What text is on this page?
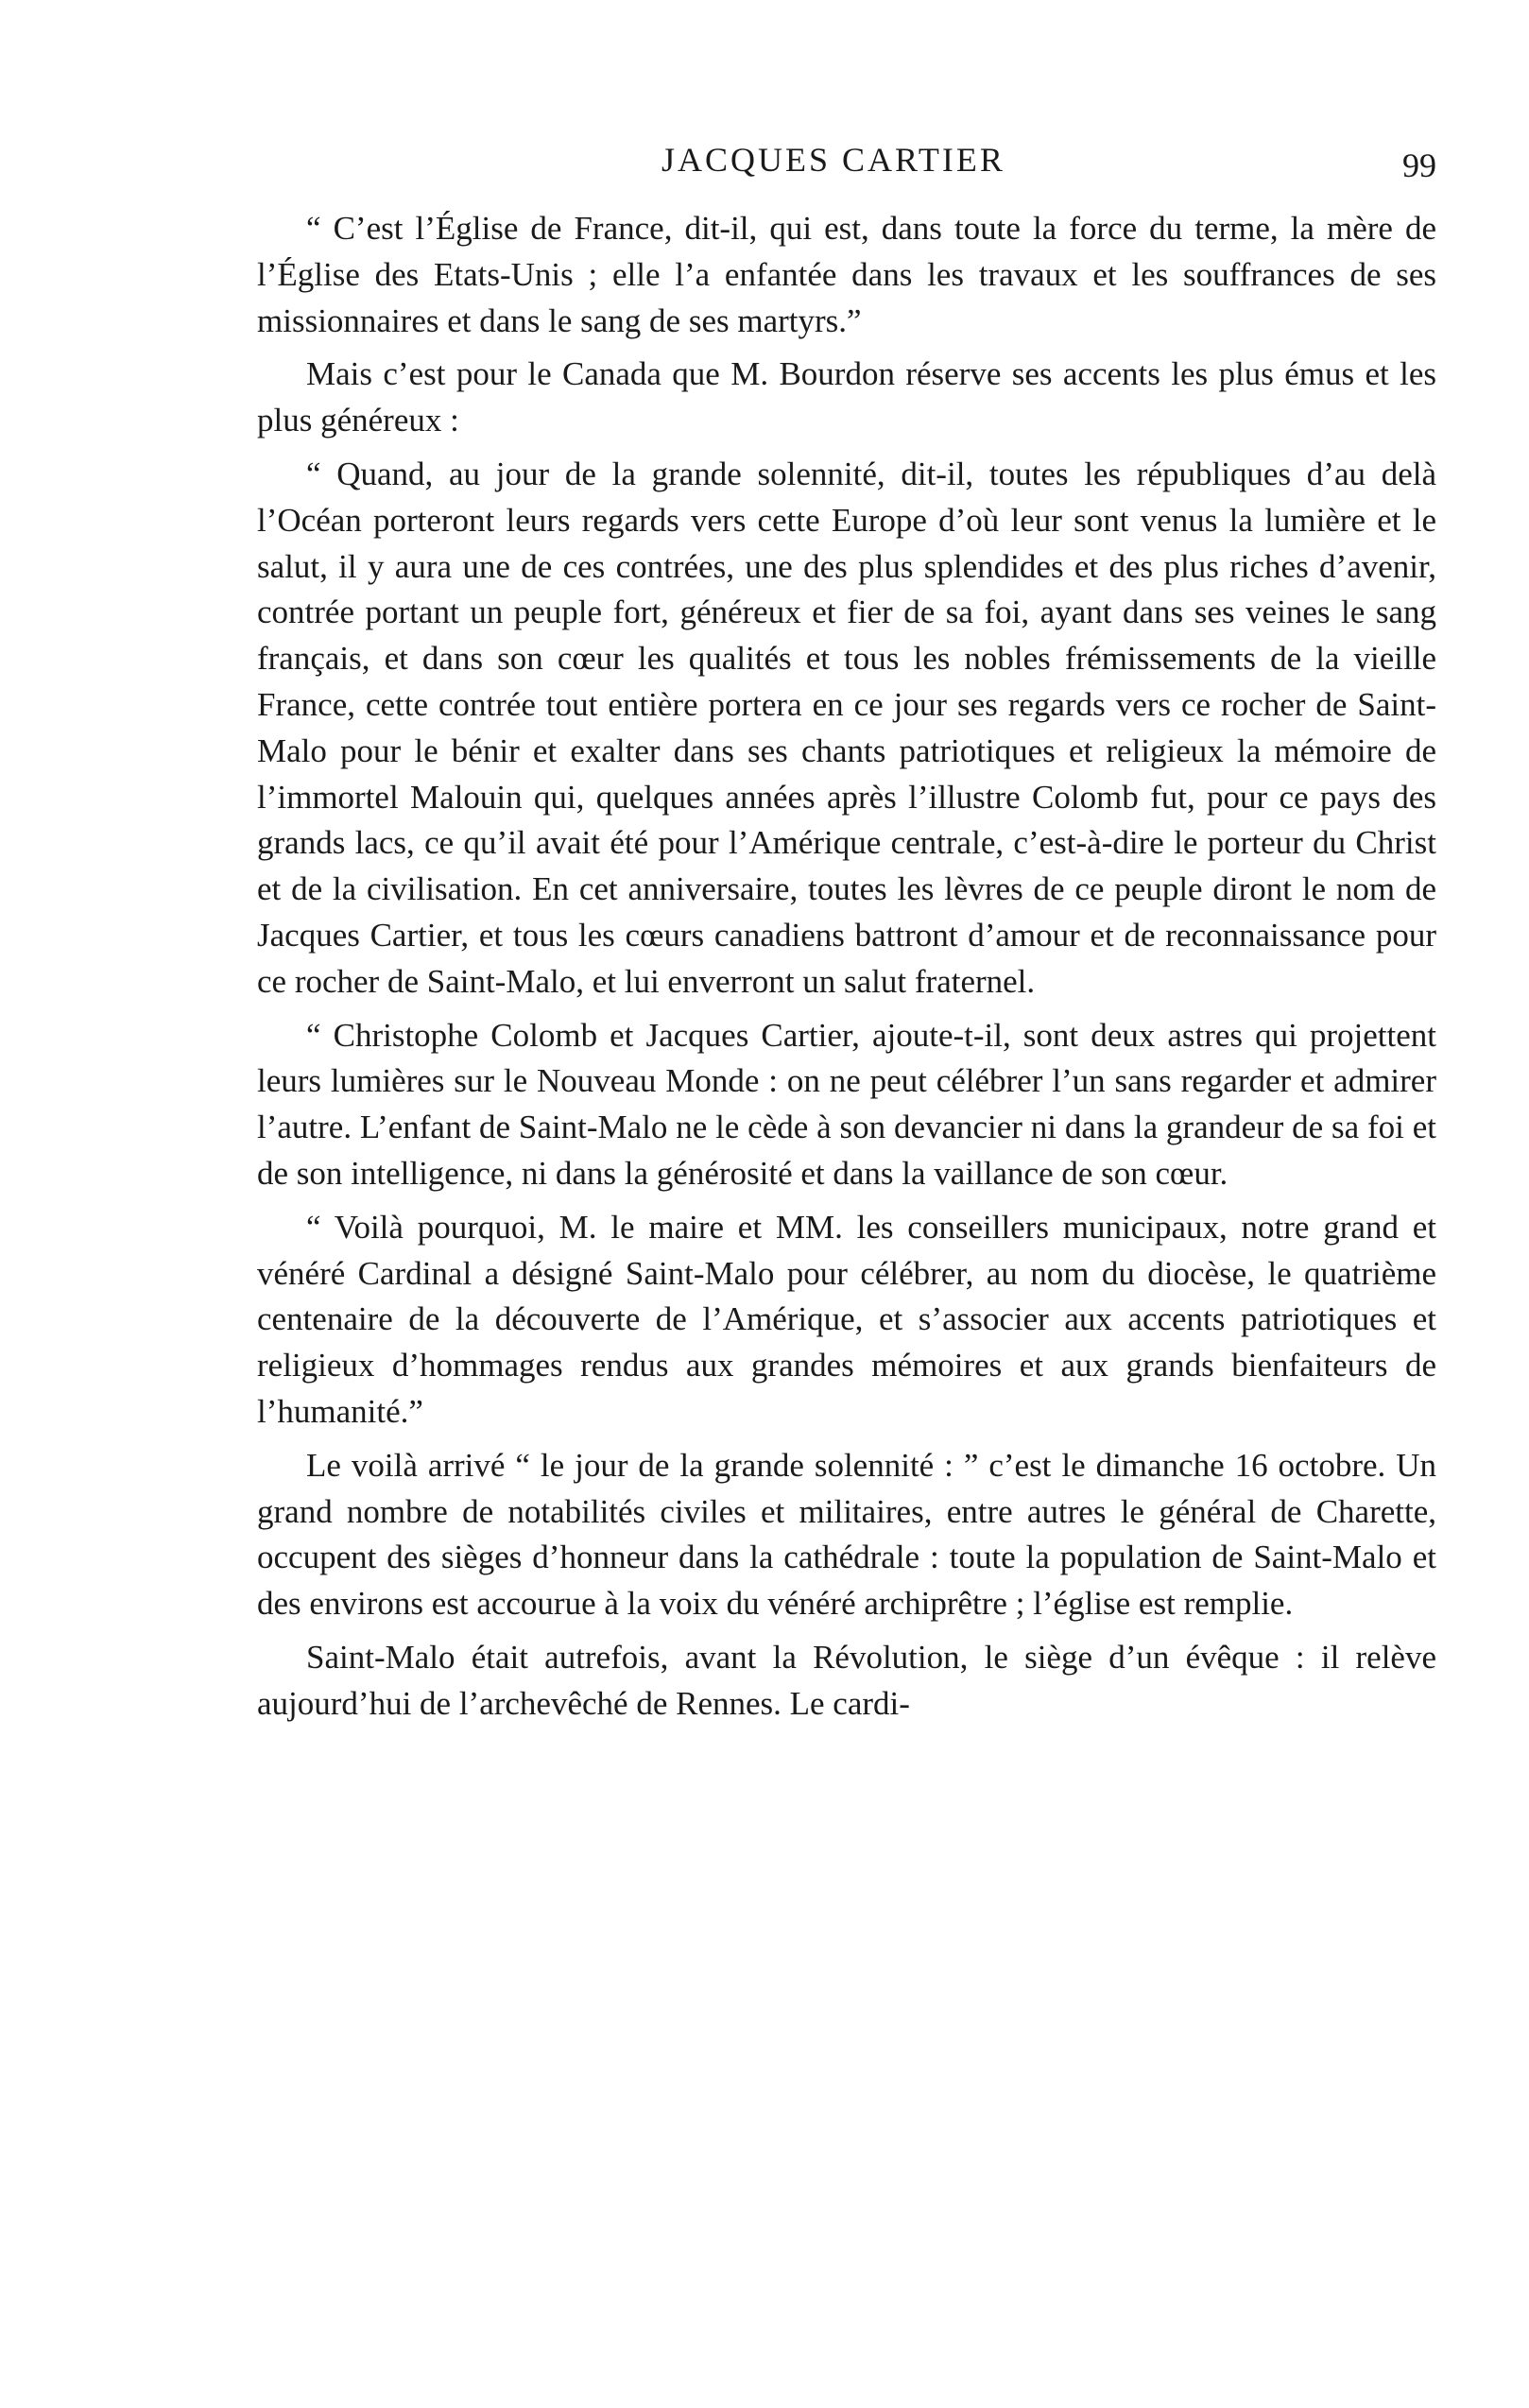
JACQUES CARTIER	99

“ C’est l’Église de France, dit-il, qui est, dans toute la force du terme, la mère de l’Église des Etats-Unis ; elle l’a enfantée dans les travaux et les souffrances de ses missionnaires et dans le sang de ses martyrs.”

Mais c’est pour le Canada que M. Bourdon réserve ses accents les plus émus et les plus généreux :

“ Quand, au jour de la grande solennité, dit-il, toutes les républiques d’au delà l’Océan porteront leurs regards vers cette Europe d’où leur sont venus la lumière et le salut, il y aura une de ces contrées, une des plus splendides et des plus riches d’avenir, contrée portant un peuple fort, généreux et fier de sa foi, ayant dans ses veines le sang français, et dans son cœur les qualités et tous les nobles frémissements de la vieille France, cette contrée tout entière portera en ce jour ses regards vers ce rocher de Saint-Malo pour le bénir et exalter dans ses chants patriotiques et religieux la mémoire de l’immortel Malouin qui, quelques années après l’illustre Colomb fut, pour ce pays des grands lacs, ce qu’il avait été pour l’Amérique centrale, c’est-à-dire le porteur du Christ et de la civilisation. En cet anniversaire, toutes les lèvres de ce peuple diront le nom de Jacques Cartier, et tous les cœurs canadiens battront d’amour et de reconnaissance pour ce rocher de Saint-Malo, et lui enverront un salut fraternel.

“ Christophe Colomb et Jacques Cartier, ajoute-t-il, sont deux astres qui projettent leurs lumières sur le Nouveau Monde : on ne peut célébrer l’un sans regarder et admirer l’autre. L’enfant de Saint-Malo ne le cède à son devancier ni dans la grandeur de sa foi et de son intelligence, ni dans la générosité et dans la vaillance de son cœur.

“ Voilà pourquoi, M. le maire et MM. les conseillers municipaux, notre grand et vénéré Cardinal a désigné Saint-Malo pour célébrer, au nom du diocèse, le quatrième centenaire de la découverte de l’Amérique, et s’associer aux accents patriotiques et religieux d’hommages rendus aux grandes mémoires et aux grands bienfaiteurs de l’humanité.”

Le voilà arrivé “ le jour de la grande solennité : ” c’est le dimanche 16 octobre. Un grand nombre de notabilités civiles et militaires, entre autres le général de Charette, occupent des sièges d’honneur dans la cathédrale : toute la population de Saint-Malo et des environs est accourue à la voix du vénéré archiprêtre ; l’église est remplie.

Saint-Malo était autrefois, avant la Révolution, le siège d’un évêque : il relève aujourd’hui de l’archevêché de Rennes. Le cardi-
